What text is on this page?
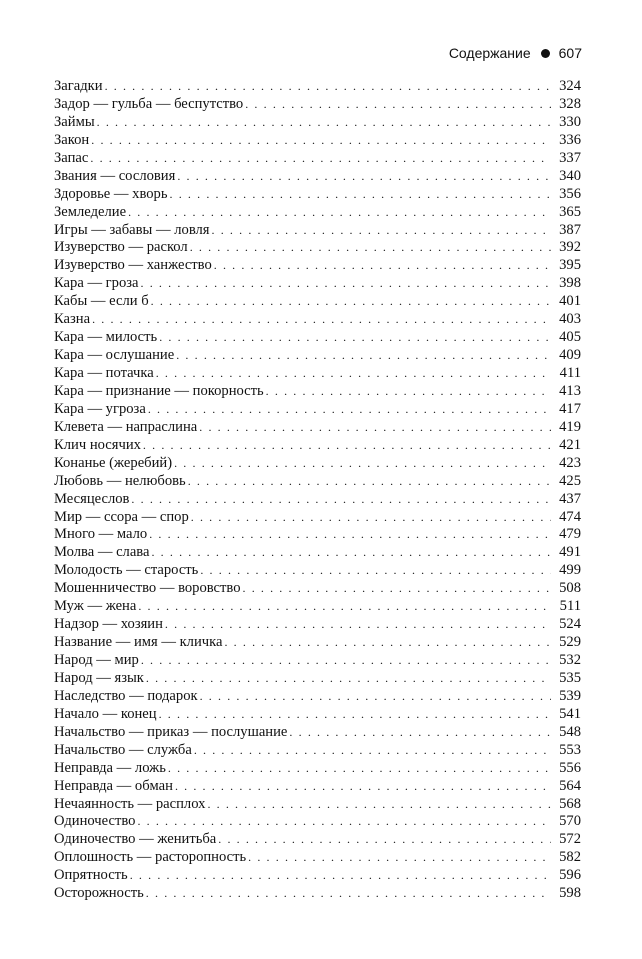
Содержание 607
Загадки . . .	324
Задор — гульба — беспутство . . .	328
Займы . . .	330
Закон . . .	336
Запас . . .	337
Звания — сословия . . .	340
Здоровье — хворь . . .	356
Земледелие . . .	365
Игры — забавы — ловля . . .	387
Изуверство — раскол . . .	392
Изуверство — ханжество . . .	395
Кара — гроза . . .	398
Кабы — если б . . .	401
Казна . . .	403
Кара — милость . . .	405
Кара — ослушание . . .	409
Кара — потачка . . .	411
Кара — признание — покорность . . .	413
Кара — угроза . . .	417
Клевета — напраслина . . .	419
Клич носячих . . .	421
Конанье (жеребий) . . .	423
Любовь — нелюбовь . . .	425
Месяцеслов . . .	437
Мир — ссора — спор . . .	474
Много — мало . . .	479
Молва — слава . . .	491
Молодость — старость . . .	499
Мошенничество — воровство . . .	508
Муж — жена . . .	511
Надзор — хозяин . . .	524
Название — имя — кличка . . .	529
Народ — мир . . .	532
Народ — язык . . .	535
Наследство — подарок . . .	539
Начало — конец . . .	541
Начальство — приказ — послушание . . .	548
Начальство — служба . . .	553
Неправда — ложь . . .	556
Неправда — обман . . .	564
Нечаянность — расплох . . .	568
Одиночество . . .	570
Одиночество — женитьба . . .	572
Оплошность — расторопность . . .	582
Опрятность . . .	596
Осторожность . . .	598
